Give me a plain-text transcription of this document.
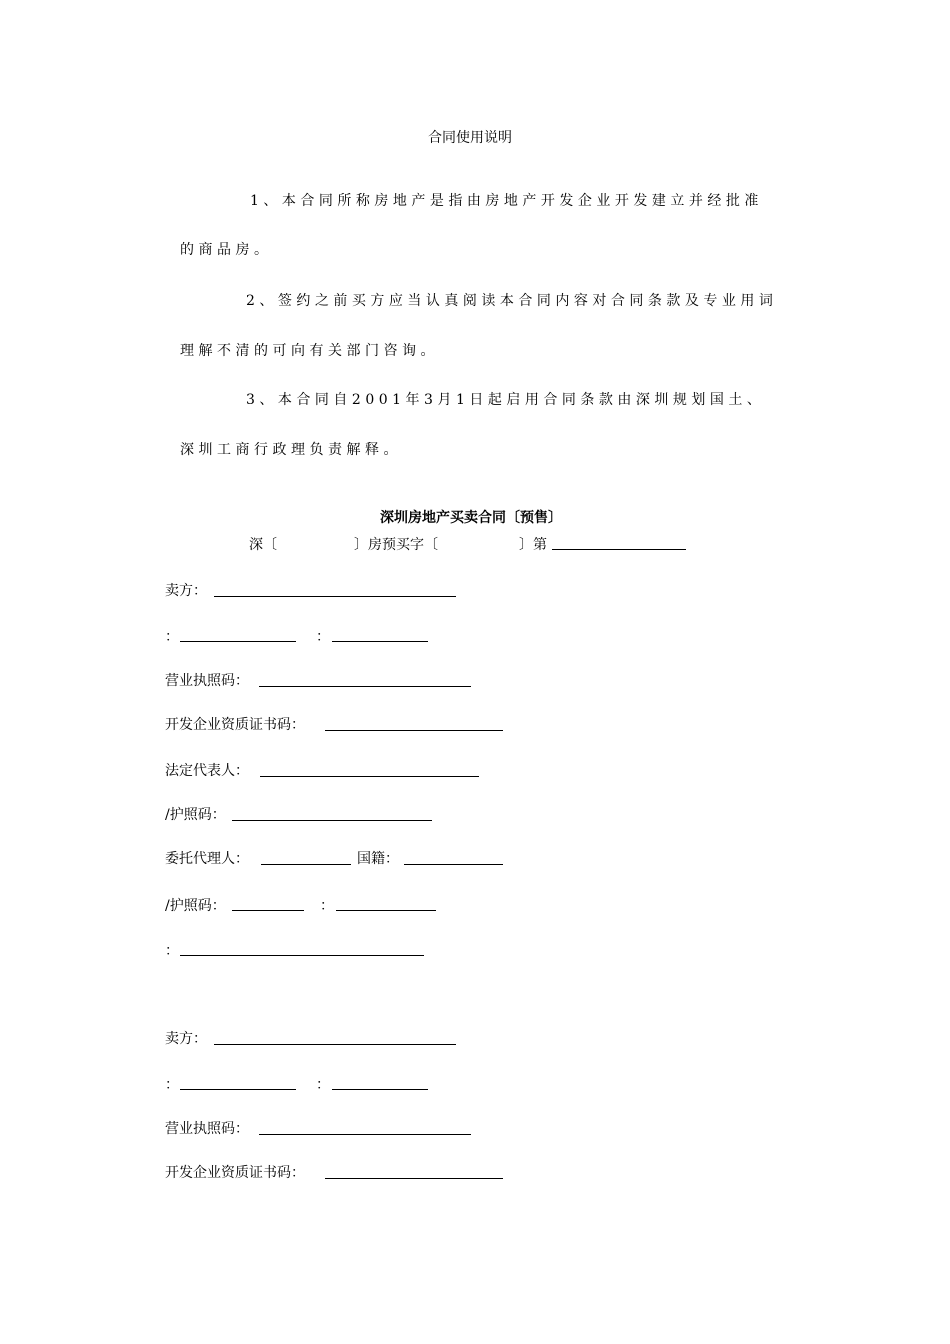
合同使用说明
1、本合同所称房地产是指由房地产开发企业开发建立并经批准
的商品房。
2、签约之前买方应当认真阅读本合同内容对合同条款及专业用词
理解不清的可向有关部门咨询。
3、本合同自2001年3月1日起启用合同条款由深圳规划国土、
深圳工商行政理负责解释。
深圳房地产买卖合同〔预售〕
深〔	〕房预买字〔	〕第
卖方：
：	：
营业执照码：
开发企业资质证书码：
法定代表人：
/护照码：
委托代理人：	国籍：
/护照码：	：
：
卖方：
：	：
营业执照码：
开发企业资质证书码：
